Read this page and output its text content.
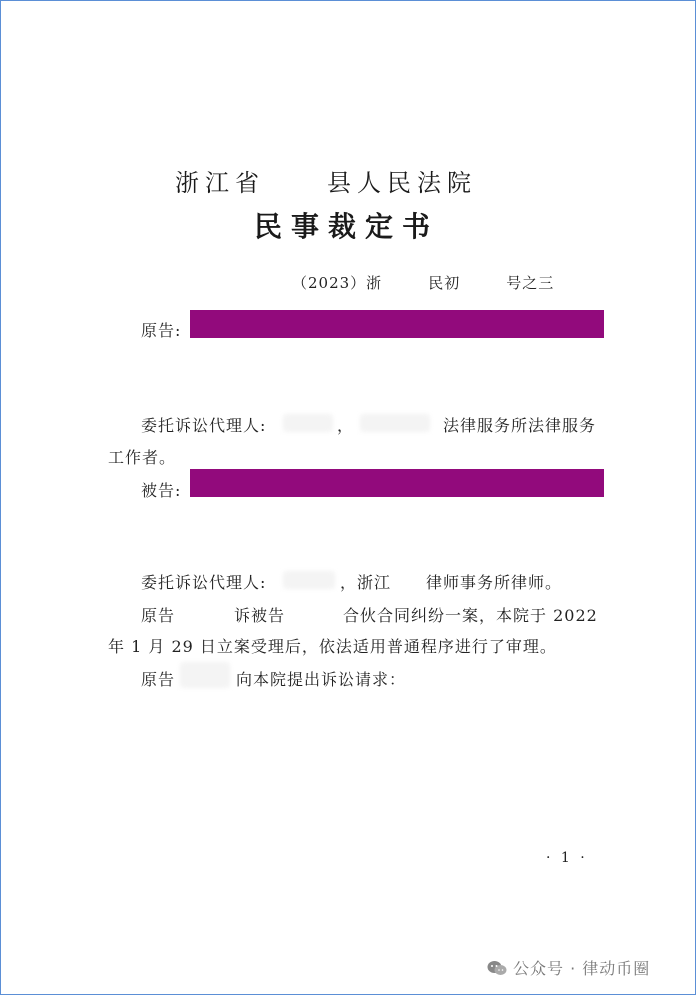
浙江省	县人民法院
民事裁定书
（2023）浙	民初	号之三
原告:
委托诉讼代理人:	，	法律服务所法律服务
工作者。
被告:
委托诉讼代理人:	，浙江 律师事务所律师。
原告	诉被告	合伙合同纠纷一案，本院于 2022
年 1 月 29 日立案受理后，依法适用普通程序进行了审理。
原告	向本院提出诉讼请求：
· 1 ·
公众号 · 律动币圈
